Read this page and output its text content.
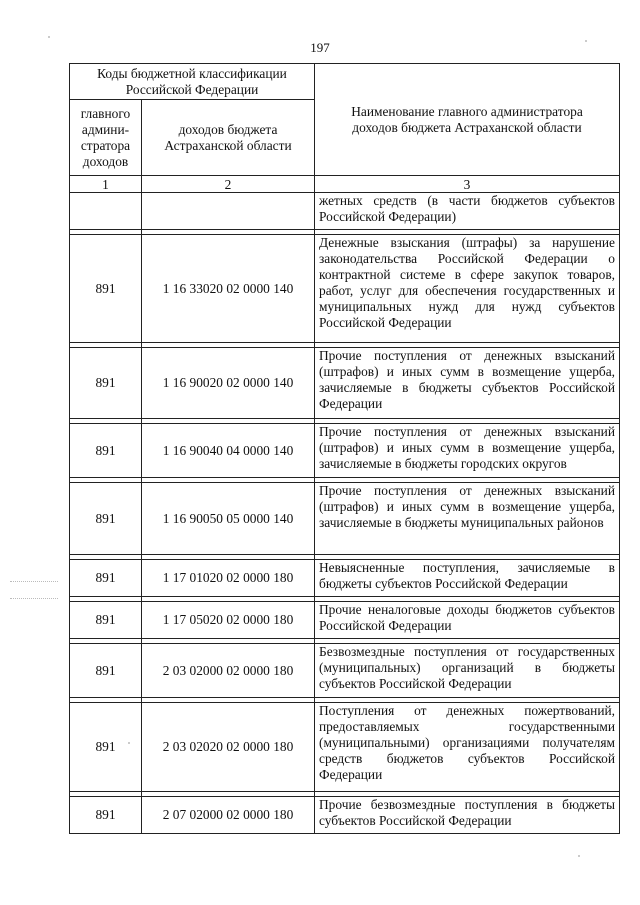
197
Коды бюджетной классификации Российской Федерации		Наименование главного администратора доходов бюджета Астраханской области
главного админи-стратора доходов	доходов бюджета Астраханской области	
1	2	3
		жетных средств (в части бюджетов субъектов Российской Федерации)

891	1 16 33020 02 0000 140	Денежные взыскания (штрафы) за нарушение законодательства Российской Федерации о контрактной системе в сфере закупок товаров, работ, услуг для обеспечения государственных и муниципальных нужд для нужд субъектов Российской Федерации

891	1 16 90020 02 0000 140	Прочие поступления от денежных взысканий (штрафов) и иных сумм в возмещение ущерба, зачисляемые в бюджеты субъектов Российской Федерации

891	1 16 90040 04 0000 140	Прочие поступления от денежных взысканий (штрафов) и иных сумм в возмещение ущерба, зачисляемые в бюджеты городских округов

891	1 16 90050 05 0000 140	Прочие поступления от денежных взысканий (штрафов) и иных сумм в возмещение ущерба, зачисляемые в бюджеты муниципальных районов

891	1 17 01020 02 0000 180	Невыясненные поступления, зачисляемые в бюджеты субъектов Российской Федерации

891	1 17 05020 02 0000 180	Прочие неналоговые доходы бюджетов субъектов Российской Федерации

891	2 03 02000 02 0000 180	Безвозмездные поступления от государственных (муниципальных) организаций в бюджеты субъектов Российской Федерации

891	2 03 02020 02 0000 180	Поступления от денежных пожертвований, предоставляемых государственными (муниципальными) организациями получателям средств бюджетов субъектов Российской Федерации

891	2 07 02000 02 0000 180	Прочие безвозмездные поступления в бюджеты субъектов Российской Федерации
